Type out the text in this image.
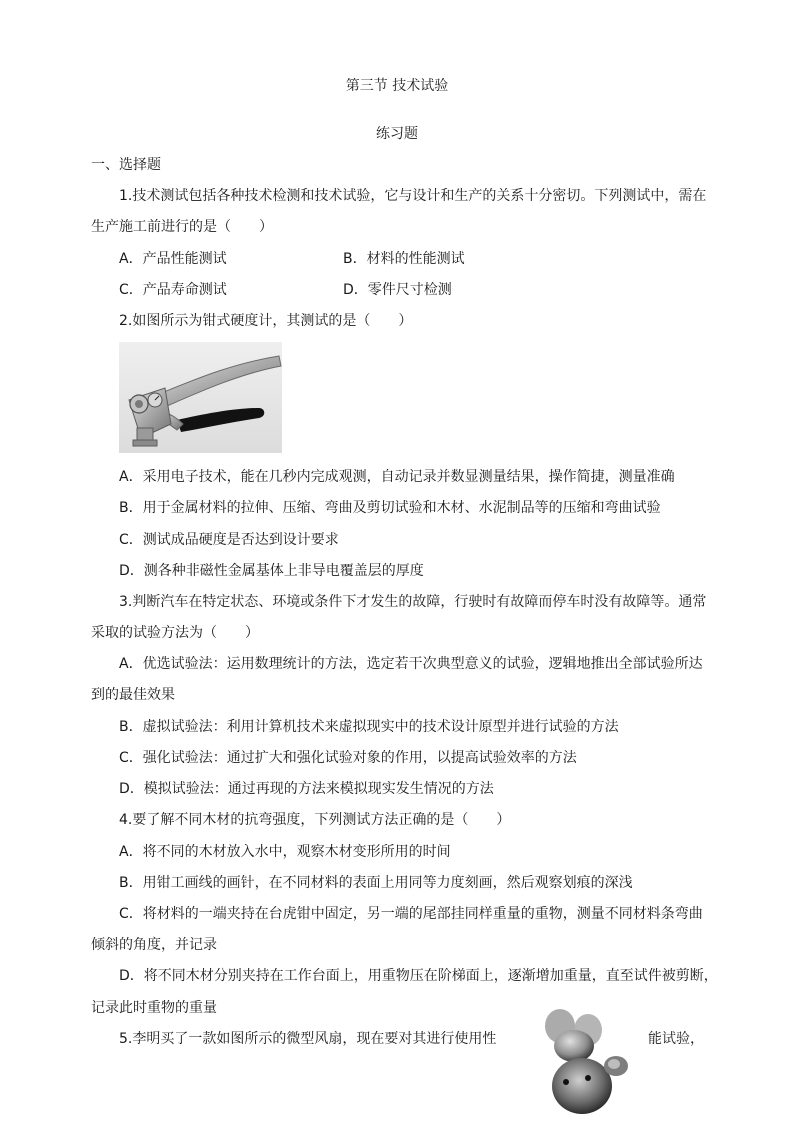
第三节 技术试验
练习题
一、选择题
1.技术测试包括各种技术检测和技术试验，它与设计和生产的关系十分密切。下列测试中，需在
生产施工前进行的是（　　）
A．产品性能测试	B．材料的性能测试
C．产品寿命测试	D．零件尺寸检测
2.如图所示为钳式硬度计，其测试的是（　　）
A．采用电子技术，能在几秒内完成观测，自动记录并数显测量结果，操作简捷，测量准确
B．用于金属材料的拉伸、压缩、弯曲及剪切试验和木材、水泥制品等的压缩和弯曲试验
C．测试成品硬度是否达到设计要求
D．测各种非磁性金属基体上非导电覆盖层的厚度
3.判断汽车在特定状态、环境或条件下才发生的故障，行驶时有故障而停车时没有故障等。通常
采取的试验方法为（　　）
A．优选试验法：运用数理统计的方法，选定若干次典型意义的试验，逻辑地推出全部试验所达
到的最佳效果
B．虚拟试验法：利用计算机技术来虚拟现实中的技术设计原型并进行试验的方法
C．强化试验法：通过扩大和强化试验对象的作用，以提高试验效率的方法
D．模拟试验法：通过再现的方法来模拟现实发生情况的方法
4.要了解不同木材的抗弯强度，下列测试方法正确的是（　　）
A．将不同的木材放入水中，观察木材变形所用的时间
B．用钳工画线的画针，在不同材料的表面上用同等力度刻画，然后观察划痕的深浅
C．将材料的一端夹持在台虎钳中固定，另一端的尾部挂同样重量的重物，测量不同材料条弯曲
倾斜的角度，并记录
D．将不同木材分别夹持在工作台面上，用重物压在阶梯面上，逐渐增加重量，直至试件被剪断，
记录此时重物的重量
5.李明买了一款如图所示的微型风扇，现在要对其进行使用性	能试验，
